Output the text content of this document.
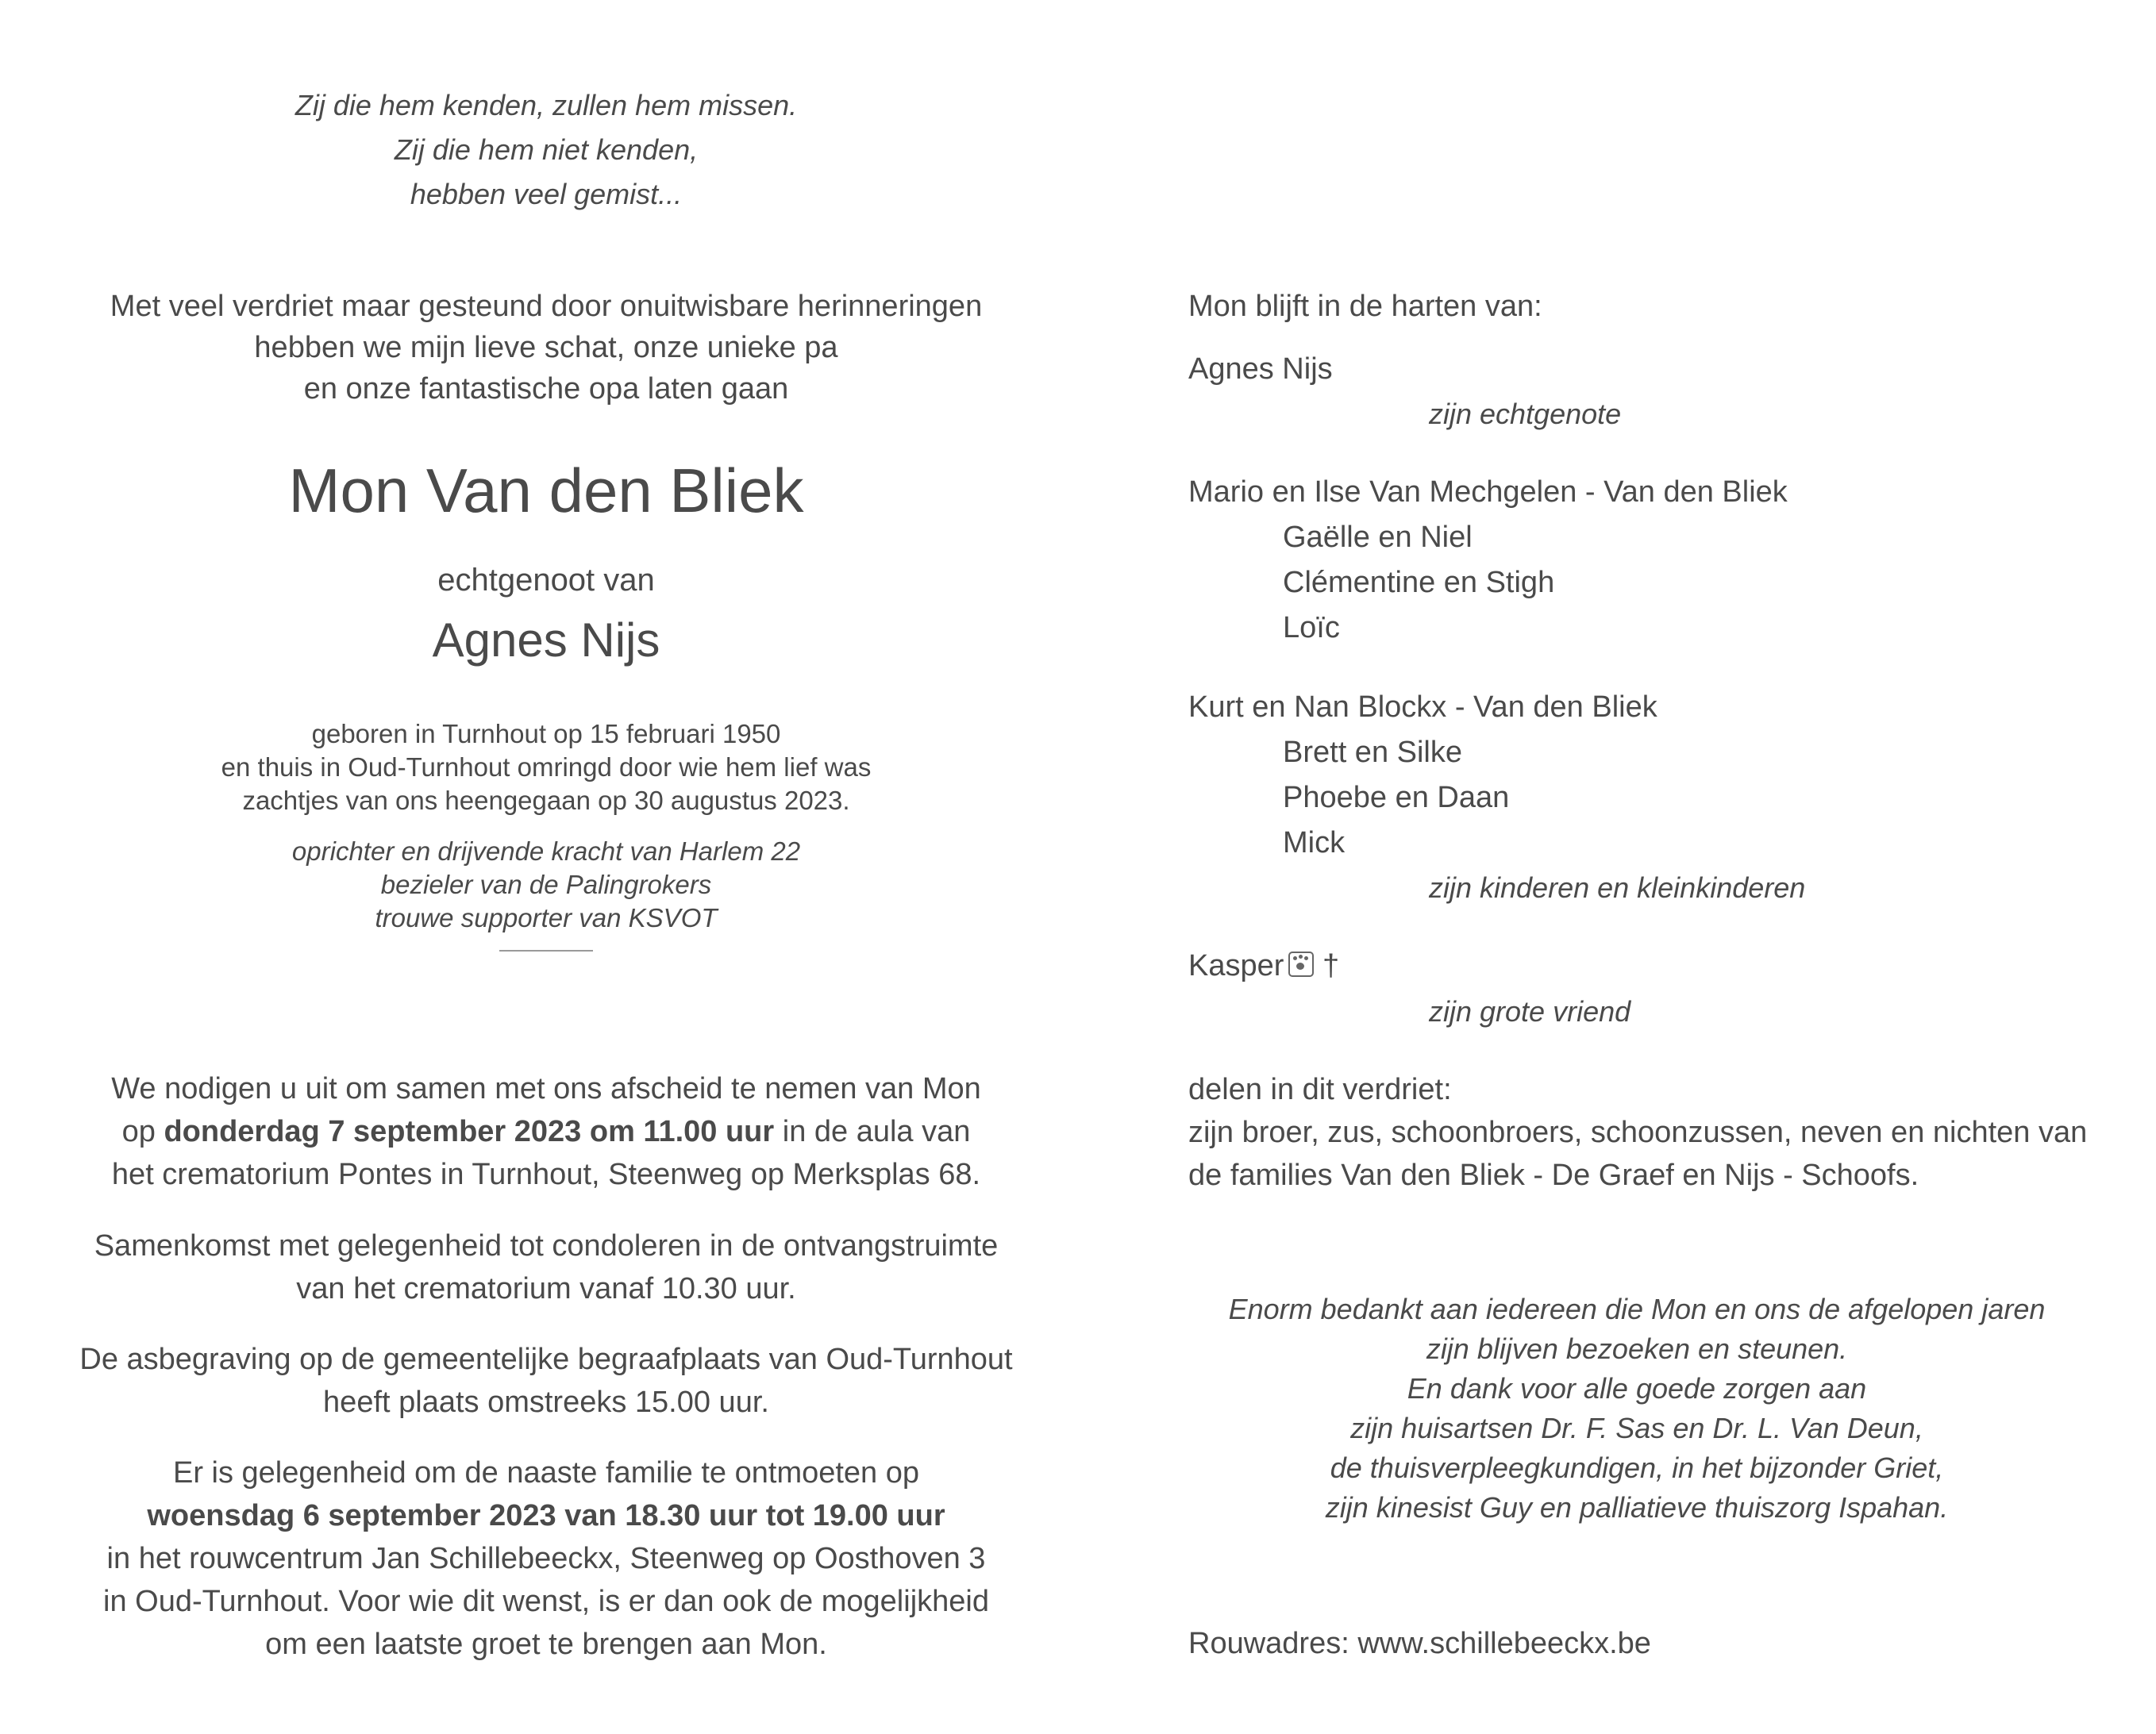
Zij die hem kenden, zullen hem missen.
Zij die hem niet kenden,
hebben veel gemist...
Met veel verdriet maar gesteund door onuitwisbare herinneringen
hebben we mijn lieve schat, onze unieke pa
en onze fantastische opa laten gaan
Mon Van den Bliek
echtgenoot van
Agnes Nijs
geboren in Turnhout op 15 februari 1950
en thuis in Oud-Turnhout omringd door wie hem lief was
zachtjes van ons heengegaan op 30 augustus 2023.
oprichter en drijvende kracht van Harlem 22
bezieler van de Palingrokers
trouwe supporter van KSVOT
We nodigen u uit om samen met ons afscheid te nemen van Mon
op donderdag 7 september 2023 om 11.00 uur in de aula van
het crematorium Pontes in Turnhout, Steenweg op Merksplas 68.
Samenkomst met gelegenheid tot condoleren in de ontvangstruimte
van het crematorium vanaf 10.30 uur.
De asbegraving op de gemeentelijke begraafplaats van Oud-Turnhout
heeft plaats omstreeks 15.00 uur.
Er is gelegenheid om de naaste familie te ontmoeten op
woensdag 6 september 2023 van 18.30 uur tot 19.00 uur
in het rouwcentrum Jan Schillebeeckx, Steenweg op Oosthoven 3
in Oud-Turnhout. Voor wie dit wenst, is er dan ook de mogelijkheid
om een laatste groet te brengen aan Mon.
Mon blijft in de harten van:
Agnes Nijs
zijn echtgenote
Mario en Ilse Van Mechgelen - Van den Bliek
Gaëlle en Niel
Clémentine en Stigh
Loïc
Kurt en Nan Blockx - Van den Bliek
Brett en Silke
Phoebe en Daan
Mick
zijn kinderen en kleinkinderen
Kasper †
zijn grote vriend
delen in dit verdriet:
zijn broer, zus, schoonbroers, schoonzussen, neven en nichten van
de families Van den Bliek - De Graef en Nijs - Schoofs.
Enorm bedankt aan iedereen die Mon en ons de afgelopen jaren
zijn blijven bezoeken en steunen.
En dank voor alle goede zorgen aan
zijn huisartsen Dr. F. Sas en Dr. L. Van Deun,
de thuisverpleegkundigen, in het bijzonder Griet,
zijn kinesist Guy en palliatieve thuiszorg Ispahan.
Rouwadres: www.schillebeeckx.be
